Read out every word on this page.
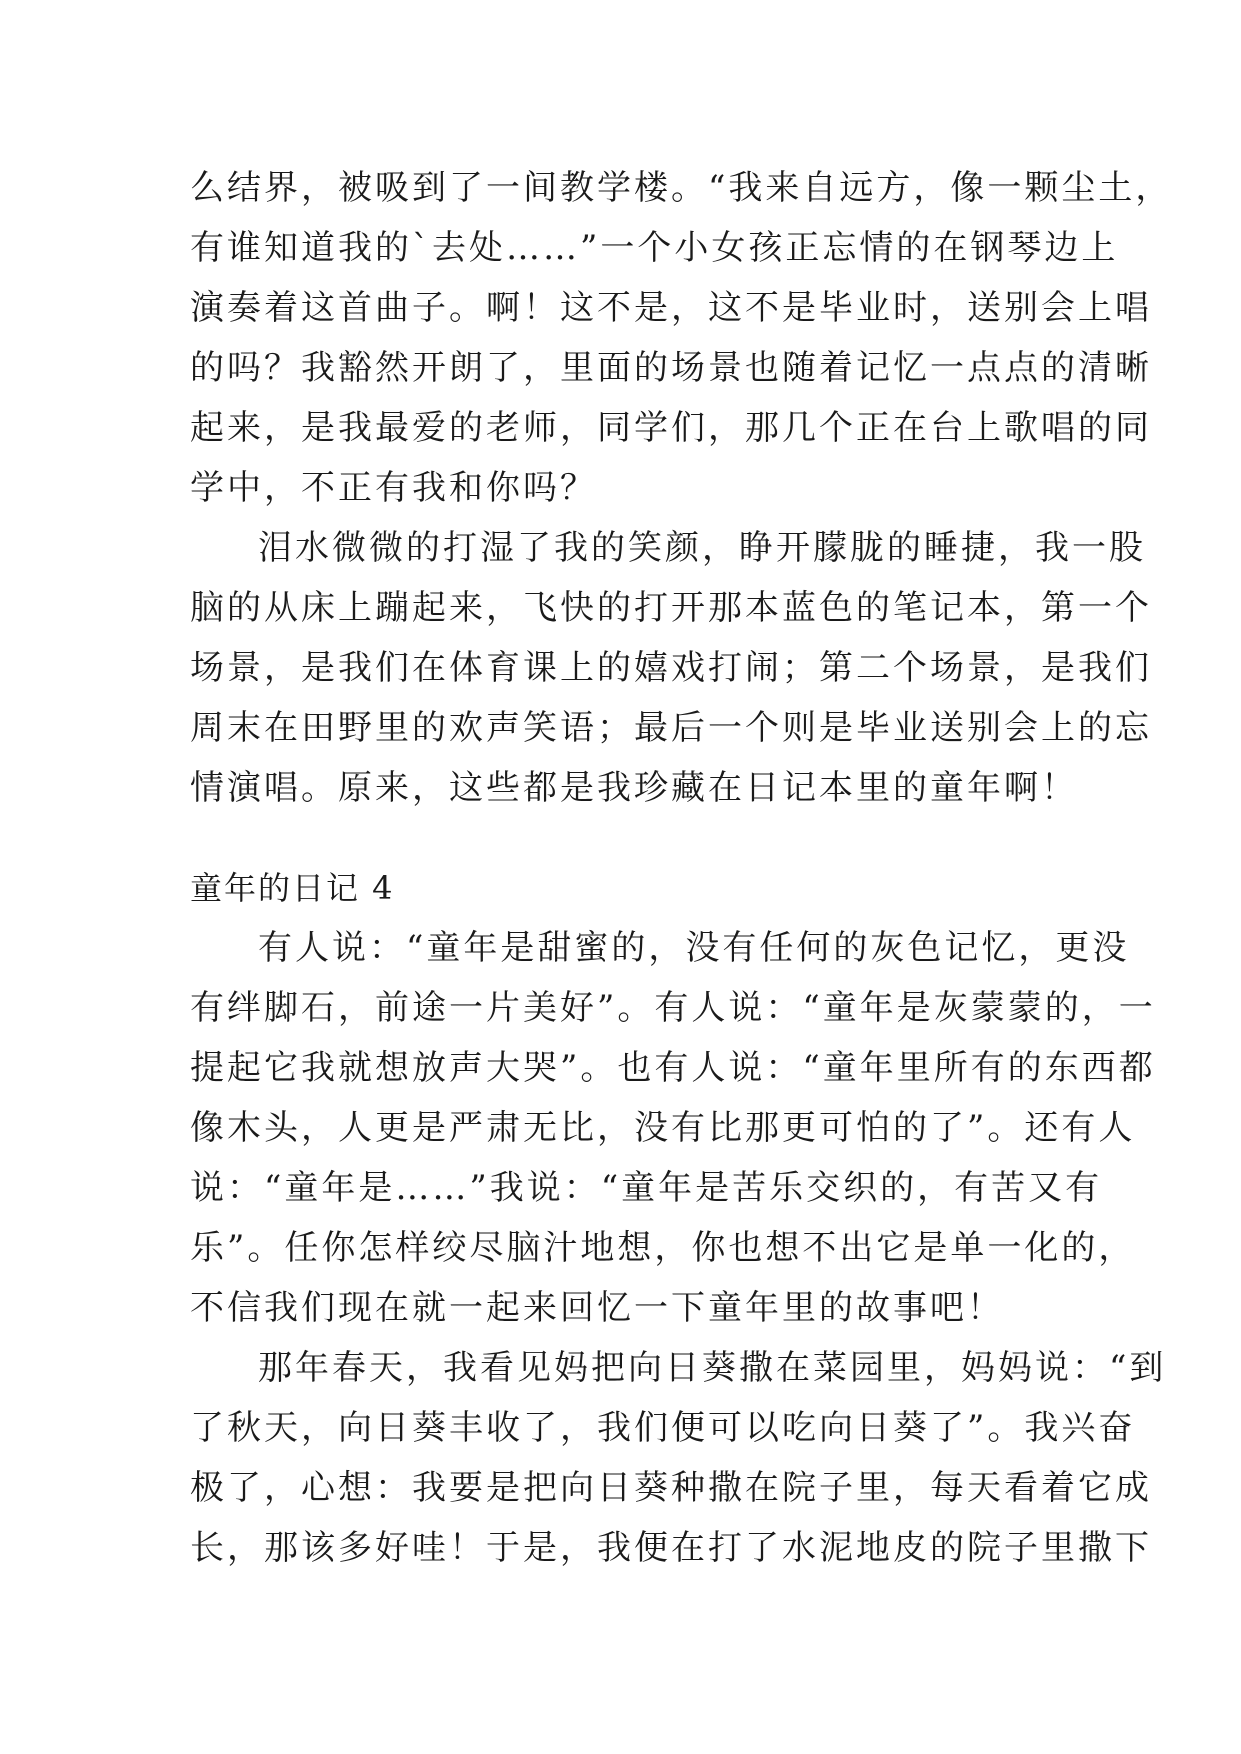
么结界，被吸到了一间教学楼。“我来自远方，像一颗尘土，
有谁知道我的`去处……”一个小女孩正忘情的在钢琴边上
演奏着这首曲子。啊！这不是，这不是毕业时，送别会上唱
的吗？我豁然开朗了，里面的场景也随着记忆一点点的清晰
起来，是我最爱的老师，同学们，那几个正在台上歌唱的同
学中，不正有我和你吗？
泪水微微的打湿了我的笑颜，睁开朦胧的睡捷，我一股
脑的从床上蹦起来，飞快的打开那本蓝色的笔记本，第一个
场景，是我们在体育课上的嬉戏打闹；第二个场景，是我们
周末在田野里的欢声笑语；最后一个则是毕业送别会上的忘
情演唱。原来，这些都是我珍藏在日记本里的童年啊！
童年的日记 4
有人说：“童年是甜蜜的，没有任何的灰色记忆，更没
有绊脚石，前途一片美好”。有人说：“童年是灰蒙蒙的，一
提起它我就想放声大哭”。也有人说：“童年里所有的东西都
像木头，人更是严肃无比，没有比那更可怕的了”。还有人
说：“童年是……”我说：“童年是苦乐交织的，有苦又有
乐”。任你怎样绞尽脑汁地想，你也想不出它是单一化的，
不信我们现在就一起来回忆一下童年里的故事吧！
那年春天，我看见妈把向日葵撒在菜园里，妈妈说：“到
了秋天，向日葵丰收了，我们便可以吃向日葵了”。我兴奋
极了，心想：我要是把向日葵种撒在院子里，每天看着它成
长，那该多好哇！于是，我便在打了水泥地皮的院子里撒下
